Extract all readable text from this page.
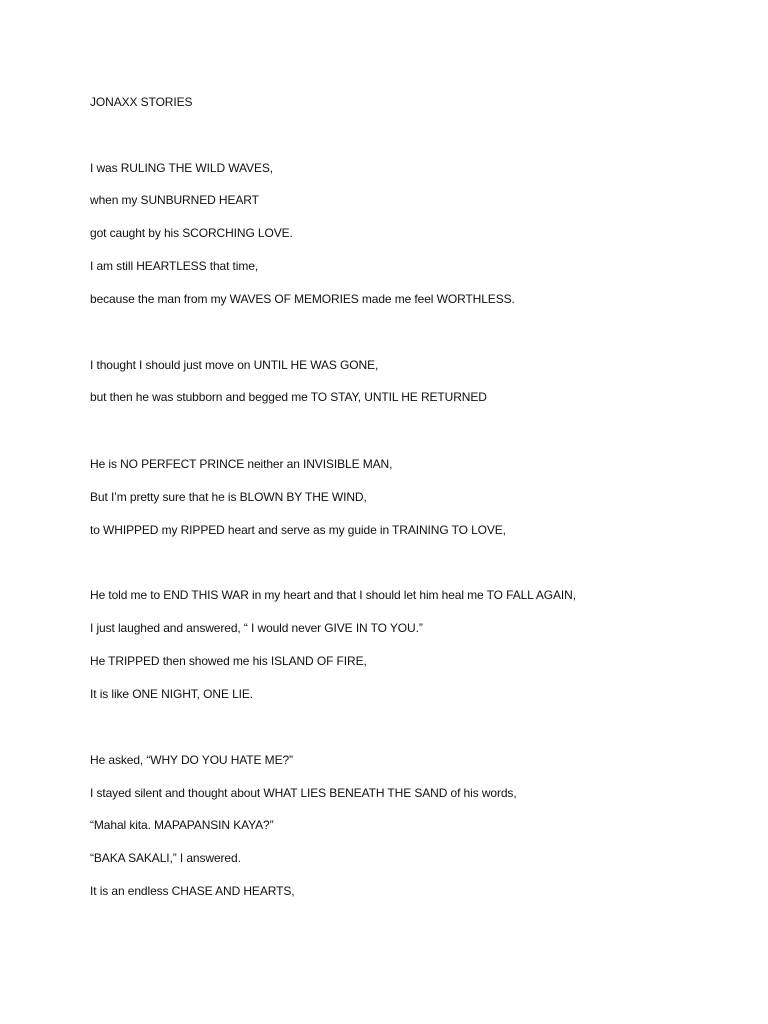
JONAXX STORIES
I was RULING THE WILD WAVES,
when my SUNBURNED HEART
got caught by his SCORCHING LOVE.
I am still HEARTLESS that time,
because the man from my WAVES OF MEMORIES made me feel WORTHLESS.
I thought I should just move on UNTIL HE WAS GONE,
but then he was stubborn and begged me TO STAY, UNTIL HE RETURNED
He is NO PERFECT PRINCE neither an INVISIBLE MAN,
But I’m pretty sure that he is BLOWN BY THE WIND,
to WHIPPED my RIPPED heart and serve as my guide in TRAINING TO LOVE,
He told me to END THIS WAR in my heart and that I should let him heal me TO FALL AGAIN,
I just laughed and answered, “ I would never GIVE IN TO YOU.”
He TRIPPED then showed me his ISLAND OF FIRE,
It is like ONE NIGHT, ONE LIE.
He asked, “WHY DO YOU HATE ME?”
I stayed silent and thought about WHAT LIES BENEATH THE SAND of his words,
“Mahal kita. MAPAPANSIN KAYA?”
“BAKA SAKALI,” I answered.
It is an endless CHASE AND HEARTS,
